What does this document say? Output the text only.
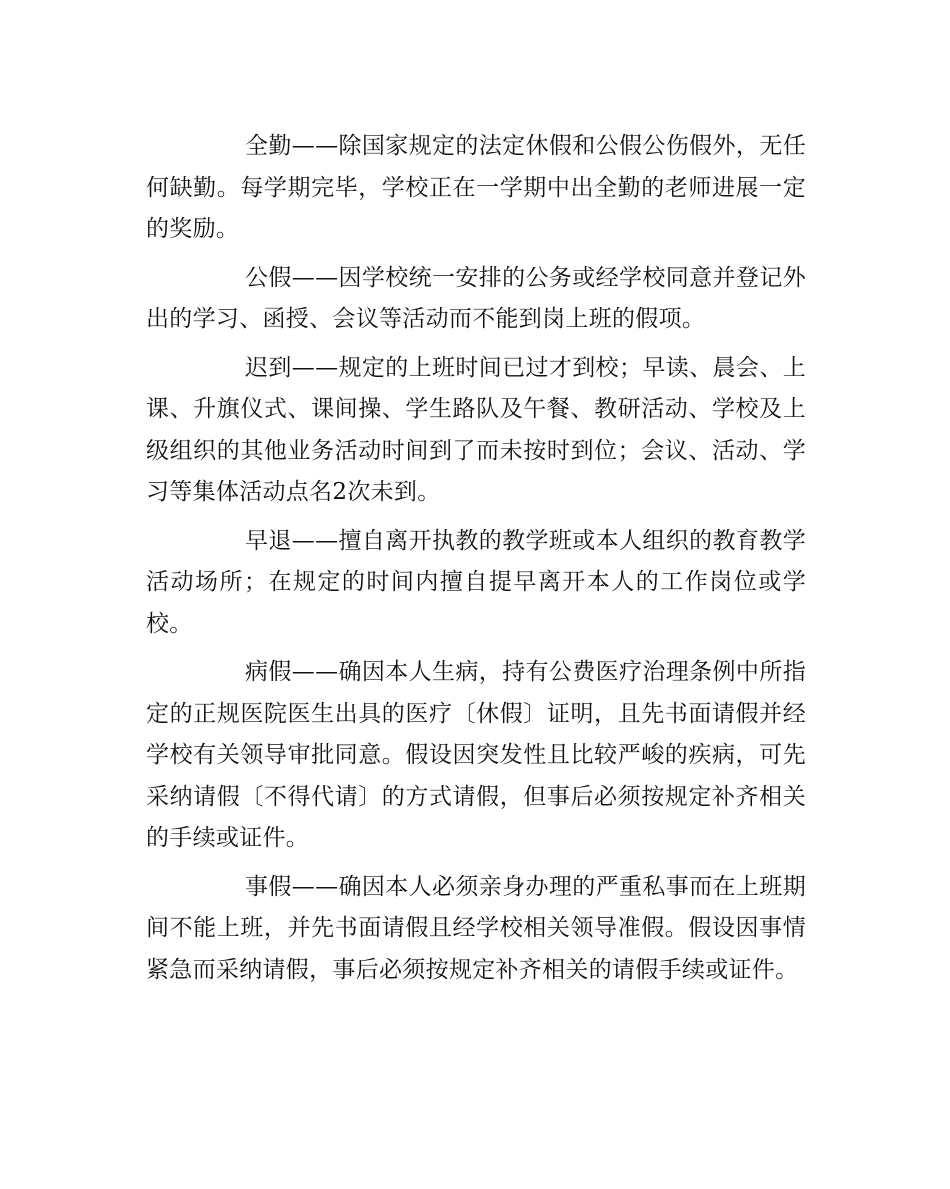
全勤——除国家规定的法定休假和公假公伤假外，无任何缺勤。每学期完毕，学校正在一学期中出全勤的老师进展一定的奖励。

公假——因学校统一安排的公务或经学校同意并登记外出的学习、函授、会议等活动而不能到岗上班的假项。

迟到——规定的上班时间已过才到校；早读、晨会、上课、升旗仪式、课间操、学生路队及午餐、教研活动、学校及上级组织的其他业务活动时间到了而未按时到位；会议、活动、学习等集体活动点名2次未到。

早退——擅自离开执教的教学班或本人组织的教育教学活动场所；在规定的时间内擅自提早离开本人的工作岗位或学校。

病假——确因本人生病，持有公费医疗治理条例中所指定的正规医院医生出具的医疗〔休假〕证明，且先书面请假并经学校有关领导审批同意。假设因突发性且比较严峻的疾病，可先采纳请假〔不得代请〕的方式请假，但事后必须按规定补齐相关的手续或证件。

事假——确因本人必须亲身办理的严重私事而在上班期间不能上班，并先书面请假且经学校相关领导准假。假设因事情紧急而采纳请假，事后必须按规定补齐相关的请假手续或证件。
